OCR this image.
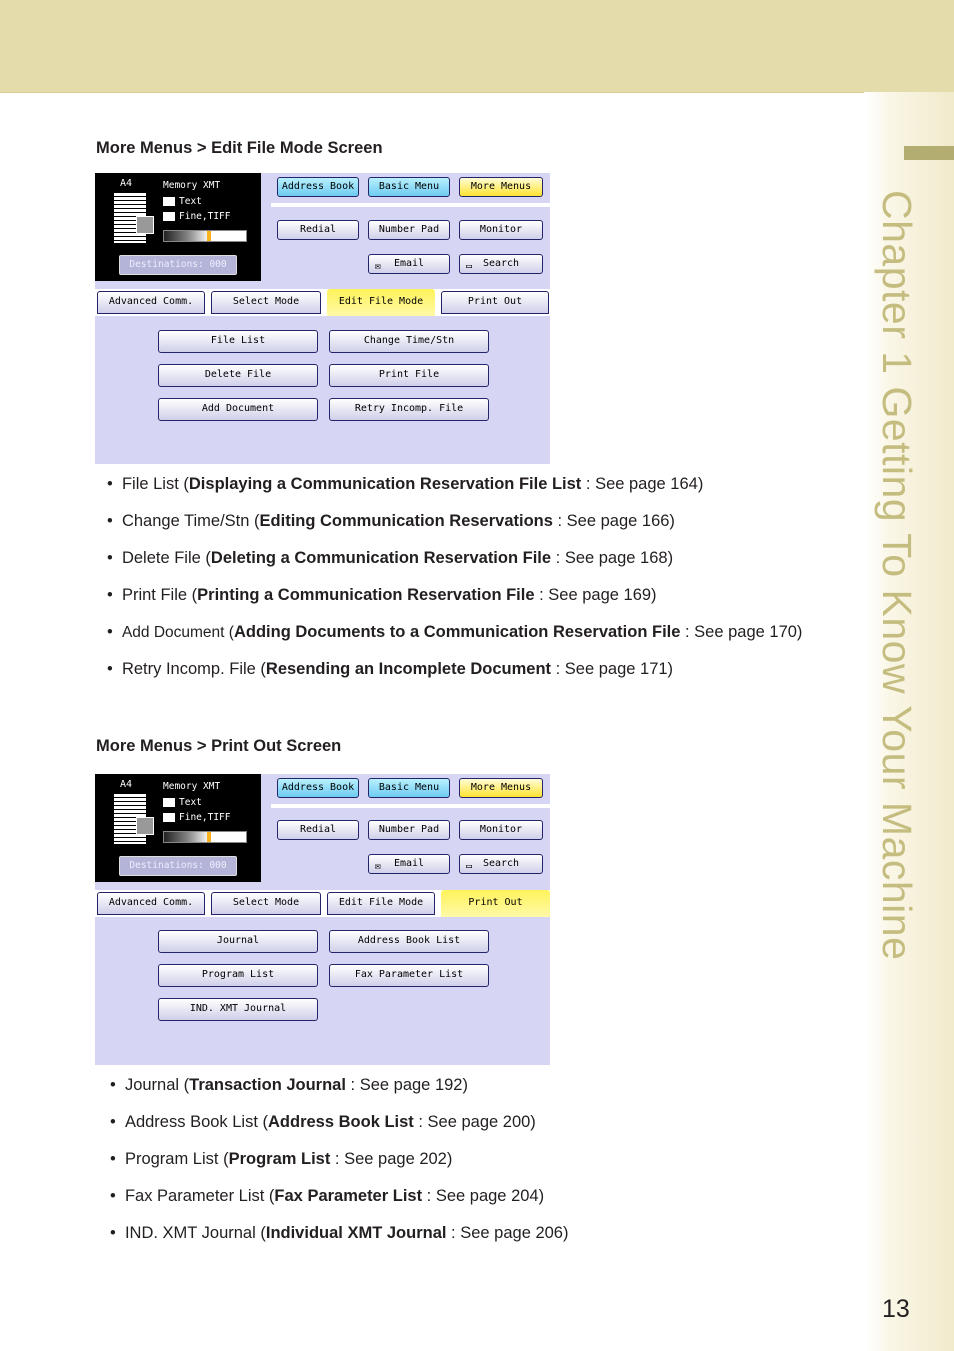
Chapter 1 Getting To Know Your Machine
More Menus > Edit File Mode Screen
A4	Memory XMT
Text
Fine,TIFF
Destinations: 000
Address Book	Basic Menu	More Menus
Redial	Number Pad	Monitor
✉ Email	▭ Search
Advanced Comm.	Select Mode	Edit File Mode	Print Out
File List	Change Time/Stn
Delete File	Print File
Add Document	Retry Incomp. File
•  File List (Displaying a Communication Reservation File List : See page 164)
•  Change Time/Stn (Editing Communication Reservations : See page 166)
•  Delete File (Deleting a Communication Reservation File : See page 168)
•  Print File (Printing a Communication Reservation File : See page 169)
•  Add Document (Adding Documents to a Communication Reservation File : See page 170)
•  Retry Incomp. File (Resending an Incomplete Document : See page 171)
More Menus > Print Out Screen
A4	Memory XMT
Text
Fine,TIFF
Destinations: 000
Address Book	Basic Menu	More Menus
Redial	Number Pad	Monitor
✉ Email	▭ Search
Advanced Comm.	Select Mode	Edit File Mode	Print Out
Journal	Address Book List
Program List	Fax Parameter List
IND. XMT Journal
•  Journal (Transaction Journal : See page 192)
•  Address Book List (Address Book List : See page 200)
•  Program List (Program List : See page 202)
•  Fax Parameter List (Fax Parameter List : See page 204)
•  IND. XMT Journal (Individual XMT Journal : See page 206)
13
